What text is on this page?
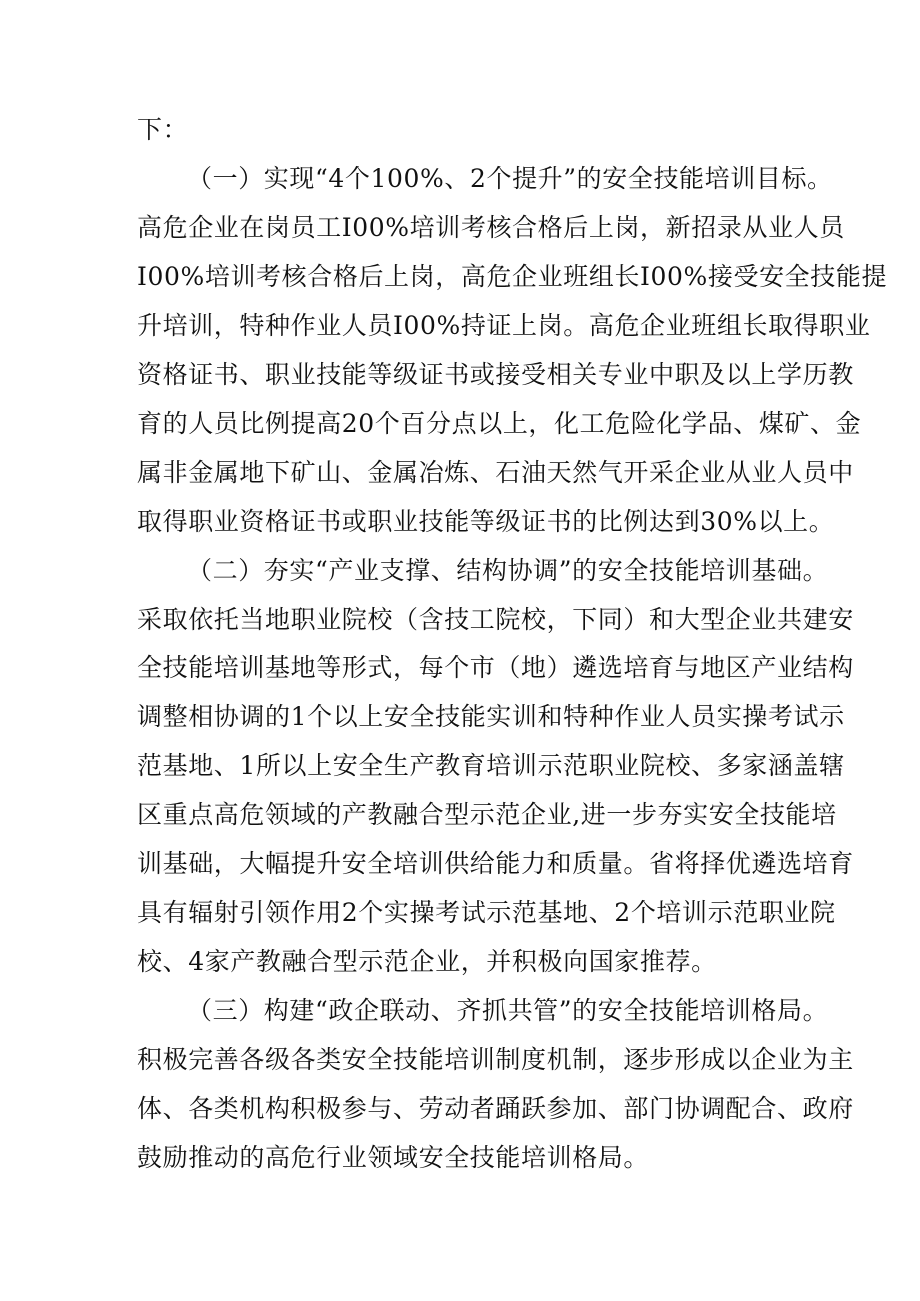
下：
（一）实现“4个100%、2个提升”的安全技能培训目标。
高危企业在岗员工I00%培训考核合格后上岗，新招录从业人员
I00%培训考核合格后上岗，高危企业班组长I00%接受安全技能提
升培训，特种作业人员I00%持证上岗。高危企业班组长取得职业
资格证书、职业技能等级证书或接受相关专业中职及以上学历教
育的人员比例提高20个百分点以上，化工危险化学品、煤矿、金
属非金属地下矿山、金属冶炼、石油天然气开采企业从业人员中
取得职业资格证书或职业技能等级证书的比例达到30%以上。
（二）夯实“产业支撑、结构协调”的安全技能培训基础。
采取依托当地职业院校（含技工院校，下同）和大型企业共建安
全技能培训基地等形式，每个市（地）遴选培育与地区产业结构
调整相协调的1个以上安全技能实训和特种作业人员实操考试示
范基地、1所以上安全生产教育培训示范职业院校、多家涵盖辖
区重点高危领域的产教融合型示范企业,进一步夯实安全技能培
训基础，大幅提升安全培训供给能力和质量。省将择优遴选培育
具有辐射引领作用2个实操考试示范基地、2个培训示范职业院
校、4家产教融合型示范企业，并积极向国家推荐。
（三）构建“政企联动、齐抓共管”的安全技能培训格局。
积极完善各级各类安全技能培训制度机制，逐步形成以企业为主
体、各类机构积极参与、劳动者踊跃参加、部门协调配合、政府
鼓励推动的高危行业领域安全技能培训格局。
